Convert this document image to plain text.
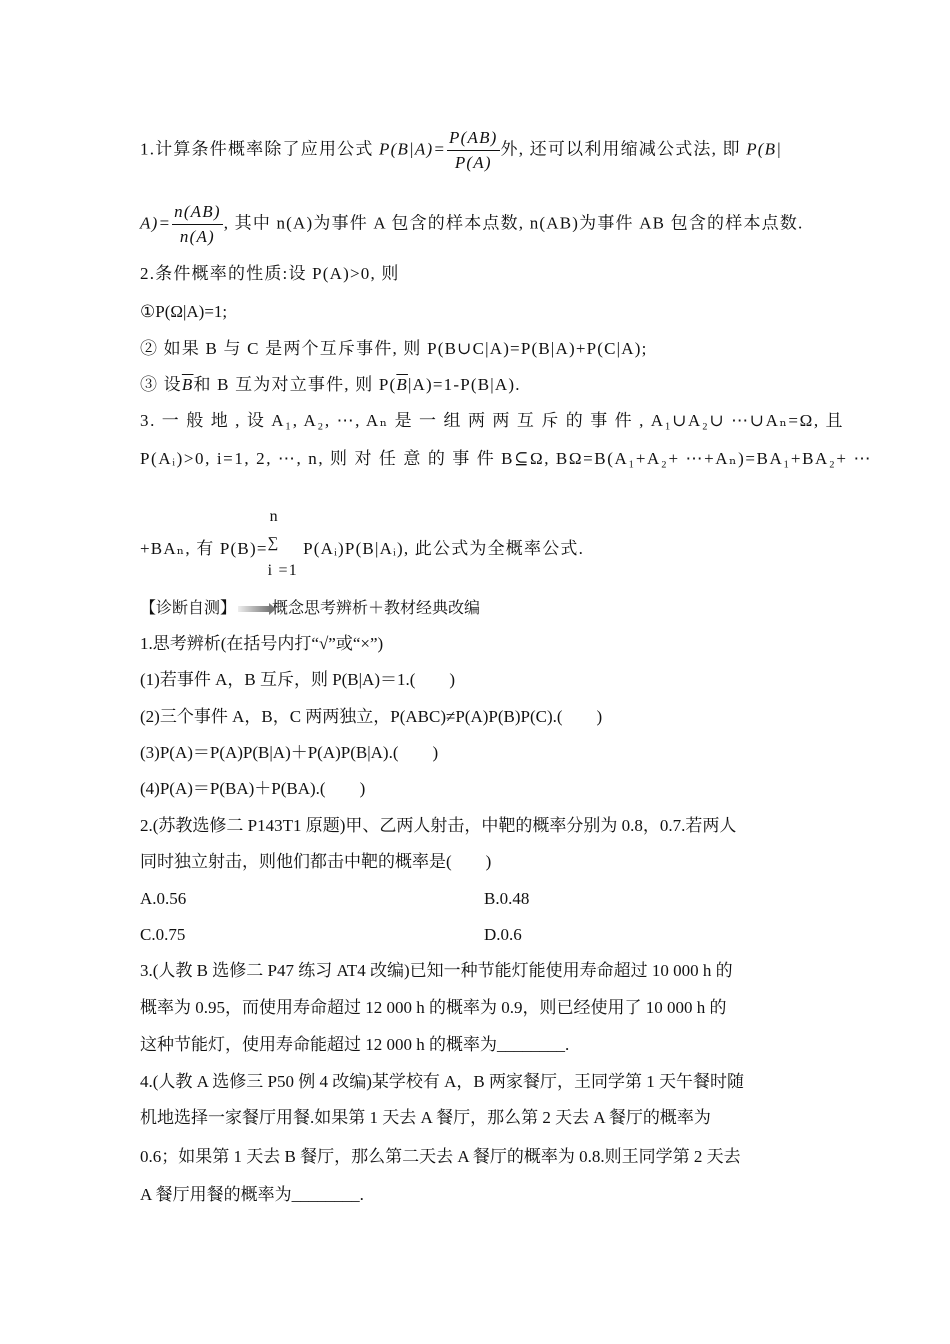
1.计算条件概率除了应用公式 $P(B|A)= \frac{P(AB)}{P(A)}$ 外, 还可以利用缩减公式法, 即 P(B|
$A)= \frac{n(AB)}{n(A)}$ , 其中 n(A)为事件 A 包含的样本点数, n(AB)为事件 AB 包含的样本点数.
2.条件概率的性质:设 P(A)>0, 则
①P(Ω|A)=1;
② 如果 B 与 C 是两个互斥事件, 则 P(B∪C|A)=P(B|A)+P(C|A);
③ 设$\overline{B}$和 B 互为对立事件, 则 $P(\overline{B}|A)=1-P(B|A)$.
3. 一 般 地 , 设 A₁, A₂, ⋯, Aₙ 是 一 组 两 两 互 斥 的 事 件 , A₁∪A₂∪ ⋯∪Aₙ=Ω, 且
P(Aᵢ)>0, i=1, 2, ⋯, n, 则 对 任 意 的 事 件 B⊆Ω, BΩ=B(A₁+A₂+ ⋯+Aₙ)=BA₁+BA₂+ ⋯
+BAₙ, 有 P(B)=
n
∑
i =1
P(Aᵢ)P(B|Aᵢ), 此公式为全概率公式.
【诊断自测】 概念思考辨析＋教材经典改编
1.思考辨析(在括号内打“√”或“×”)
(1)若事件 A，B 互斥，则 P(B|A)＝1.(　　)
(2)三个事件 A，B，C 两两独立，P(ABC)≠P(A)P(B)P(C).(　　)
(3)P(A)＝P(A)P(B|A)＋P(A)P(B|A).(　　)
(4)P(A)＝P(BA)＋P(BA).(　　)
2.(苏教选修二 P143T1 原题)甲、乙两人射击，中靶的概率分别为 0.8，0.7.若两人
同时独立射击，则他们都击中靶的概率是(　　)
A.0.56	B.0.48
C.0.75	D.0.6
3.(人教 B 选修二 P47 练习 AT4 改编)已知一种节能灯能使用寿命超过 10 000 h 的
概率为 0.95，而使用寿命超过 12 000 h 的概率为 0.9，则已经使用了 10 000 h 的
这种节能灯，使用寿命能超过 12 000 h 的概率为________.
4.(人教 A 选修三 P50 例 4 改编)某学校有 A，B 两家餐厅，王同学第 1 天午餐时随
机地选择一家餐厅用餐.如果第 1 天去 A 餐厅，那么第 2 天去 A 餐厅的概率为
0.6；如果第 1 天去 B 餐厅，那么第二天去 A 餐厅的概率为 0.8.则王同学第 2 天去
A 餐厅用餐的概率为________.
